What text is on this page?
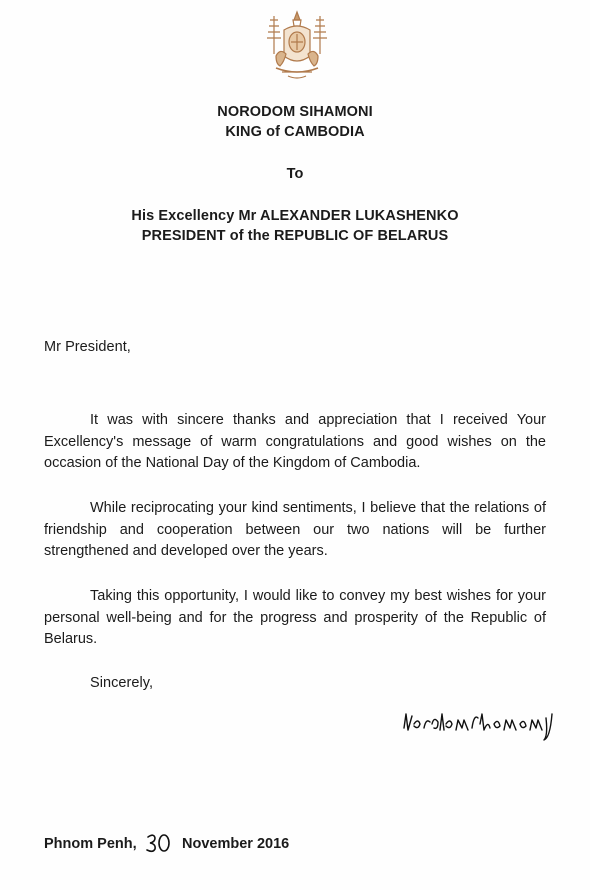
NORODOM SIHAMONI
KING of CAMBODIA
To
His Excellency Mr ALEXANDER LUKASHENKO
PRESIDENT of the REPUBLIC OF BELARUS
Mr President,
It was with sincere thanks and appreciation that I received Your Excellency's message of warm congratulations and good wishes on the occasion of the National Day of the Kingdom of Cambodia.
While reciprocating your kind sentiments, I believe that the relations of friendship and cooperation between our two nations will be further strengthened and developed over the years.
Taking this opportunity, I would like to convey my best wishes for your personal well-being and for the progress and prosperity of the Republic of Belarus.
Sincerely,
Phnom Penh,	November 2016
